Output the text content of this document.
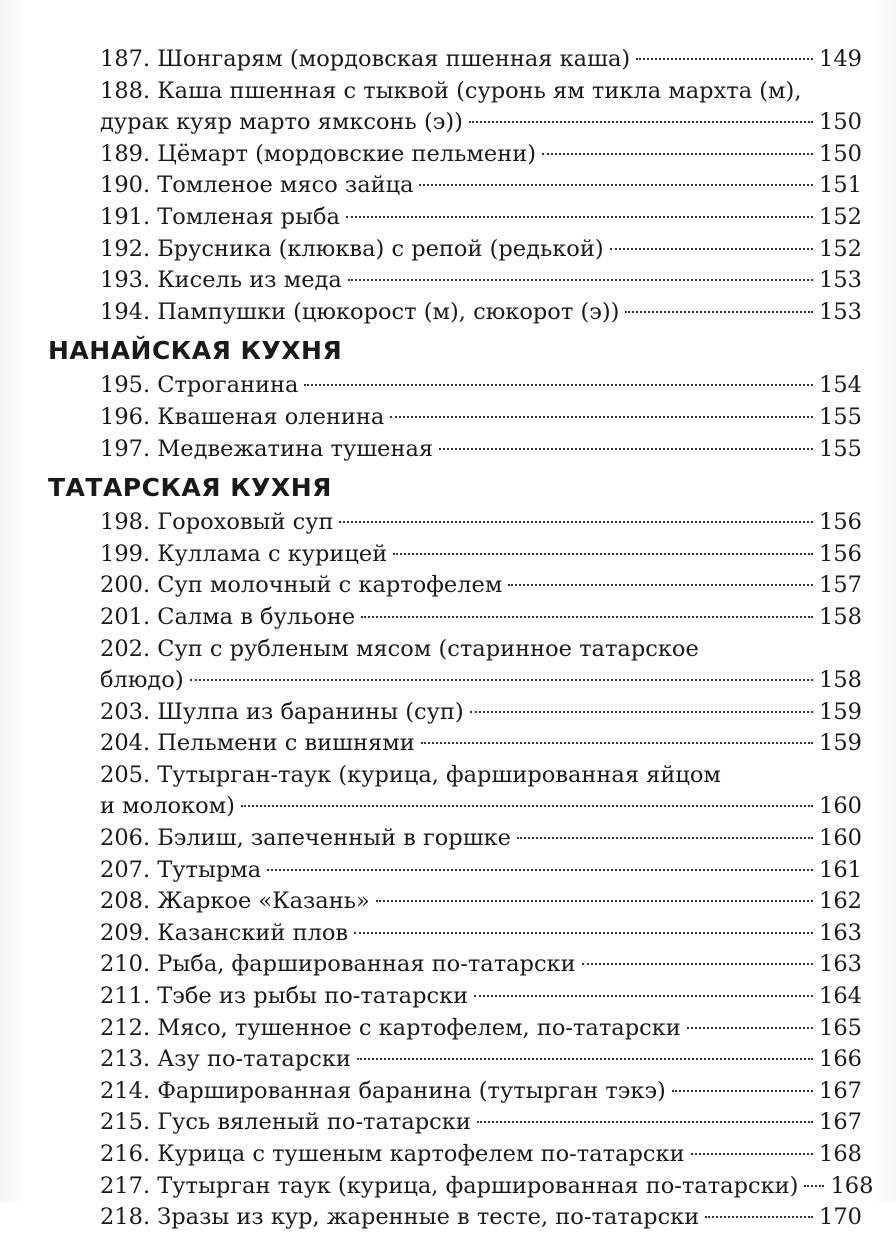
187. Шонгарям (мордовская пшенная каша)	149
188. Каша пшенная с тыквой (суронь ям тикла мархта (м),
дурак куяр марто ямксонь (э))	150
189. Цёмарт (мордовские пельмени)	150
190. Томленое мясо зайца	151
191. Томленая рыба	152
192. Брусника (клюква) с репой (редькой)	152
193. Кисель из меда	153
194. Пампушки (цюкорост (м), сюкорот (э))	153
НАНАЙСКАЯ КУХНЯ
195. Строганина	154
196. Квашеная оленина	155
197. Медвежатина тушеная	155
ТАТАРСКАЯ КУХНЯ
198. Гороховый суп	156
199. Куллама с курицей	156
200. Суп молочный с картофелем	157
201. Салма в бульоне	158
202. Суп с рубленым мясом (старинное татарское
блюдо)	158
203. Шулпа из баранины (суп)	159
204. Пельмени с вишнями	159
205. Тутырган-таук (курица, фаршированная яйцом
и молоком)	160
206. Бэлиш, запеченный в горшке	160
207. Тутырма	161
208. Жаркое «Казань»	162
209. Казанский плов	163
210. Рыба, фаршированная по-татарски	163
211. Тэбе из рыбы по-татарски	164
212. Мясо, тушенное с картофелем, по-татарски	165
213. Азу по-татарски	166
214. Фаршированная баранина (тутырган тэкэ)	167
215. Гусь вяленый по-татарски	167
216. Курица с тушеным картофелем по-татарски	168
217. Тутырган таук (курица, фаршированная по-татарски) 168
218. Зразы из кур, жаренные в тесте, по-татарски	170
